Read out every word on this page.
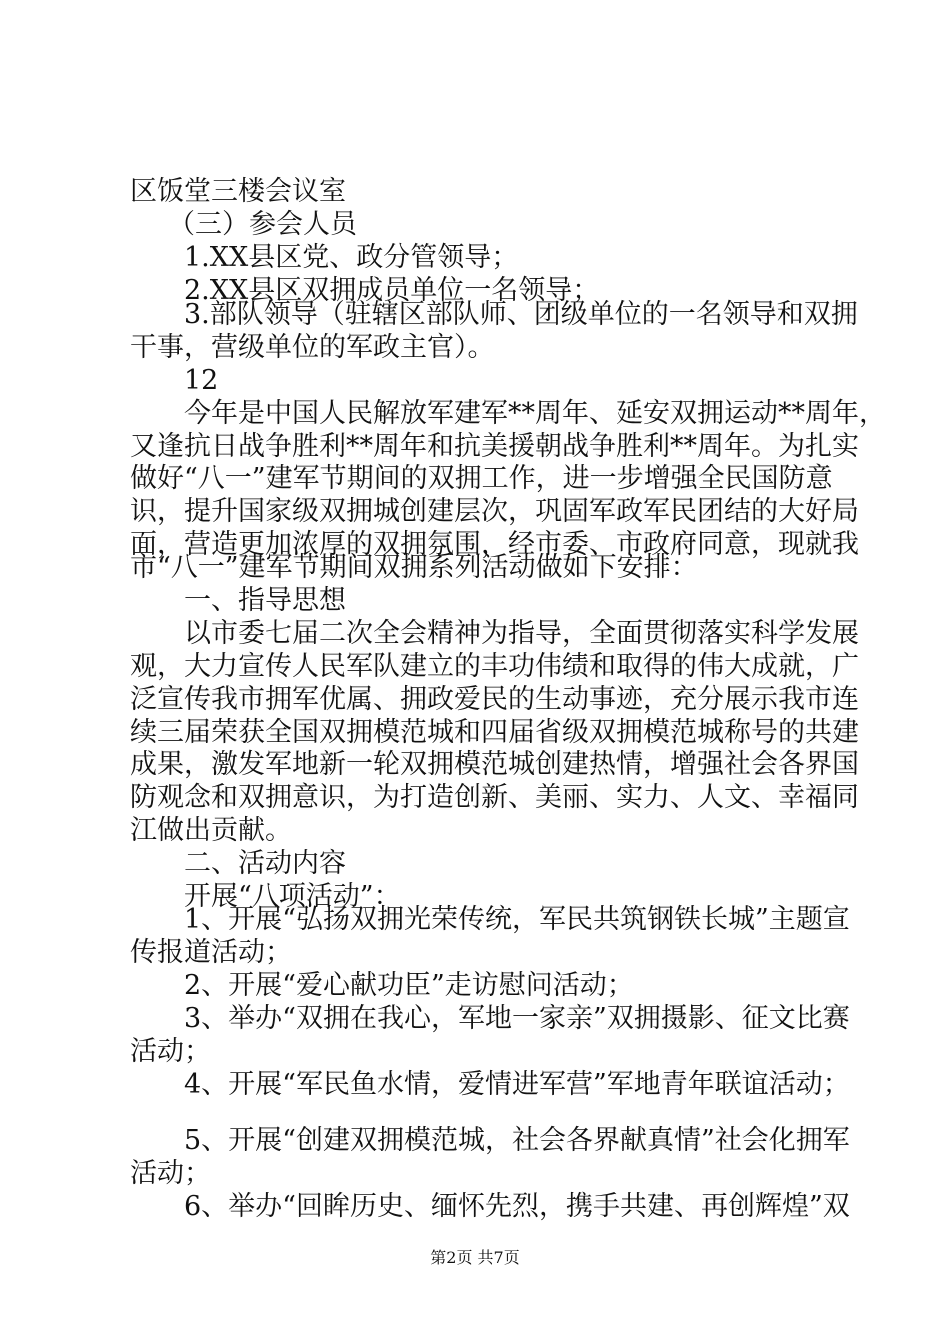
区饭堂三楼会议室
（三）参会人员
1.XX县区党、政分管领导；
2.XX县区双拥成员单位一名领导；
3.部队领导（驻辖区部队师、团级单位的一名领导和双拥
干事，营级单位的军政主官）。
12
今年是中国人民解放军建军**周年、延安双拥运动**周年，
又逢抗日战争胜利**周年和抗美援朝战争胜利**周年。为扎实
做好“八一”建军节期间的双拥工作，进一步增强全民国防意
识，提升国家级双拥城创建层次，巩固军政军民团结的大好局
面，营造更加浓厚的双拥氛围，经市委、市政府同意，现就我
市“八一”建军节期间双拥系列活动做如下安排：
一、指导思想
以市委七届二次全会精神为指导，全面贯彻落实科学发展
观，大力宣传人民军队建立的丰功伟绩和取得的伟大成就，广
泛宣传我市拥军优属、拥政爱民的生动事迹，充分展示我市连
续三届荣获全国双拥模范城和四届省级双拥模范城称号的共建
成果，激发军地新一轮双拥模范城创建热情，增强社会各界国
防观念和双拥意识，为打造创新、美丽、实力、人文、幸福同
江做出贡献。
二、活动内容
开展“八项活动”：
1、开展“弘扬双拥光荣传统，军民共筑钢铁长城”主题宣
传报道活动；
2、开展“爱心献功臣”走访慰问活动；
3、举办“双拥在我心，军地一家亲”双拥摄影、征文比赛
活动；
4、开展“军民鱼水情，爱情进军营”军地青年联谊活动；
5、开展“创建双拥模范城，社会各界献真情”社会化拥军
活动；
6、举办“回眸历史、缅怀先烈，携手共建、再创辉煌”双
第2页 共7页
